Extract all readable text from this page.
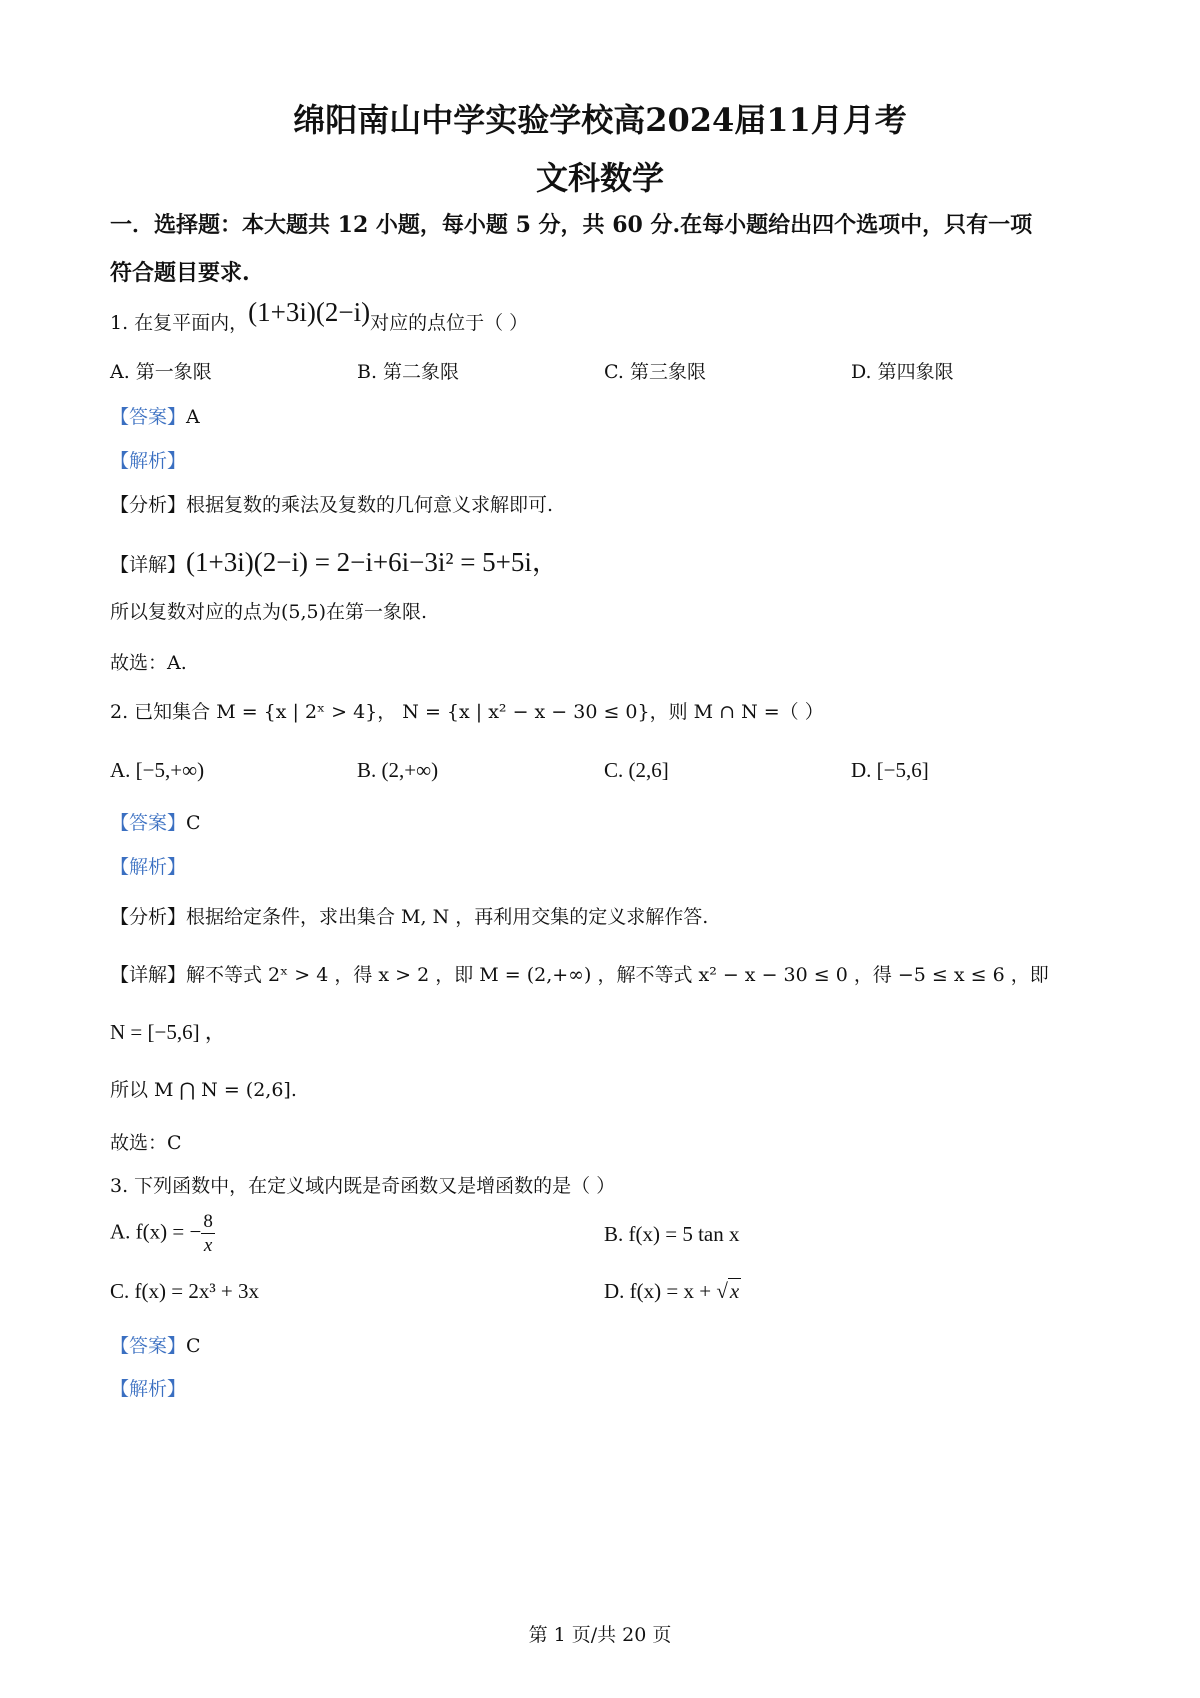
绵阳南山中学实验学校高2024届11月月考
文科数学
一．选择题：本大题共 12 小题，每小题 5 分，共 60 分.在每小题给出四个选项中，只有一项
符合题目要求.
1. 在复平面内，(1+3i)(2−i)对应的点位于（ ）
A. 第一象限	B. 第二象限	C. 第三象限	D. 第四象限
【答案】A
【解析】
【分析】根据复数的乘法及复数的几何意义求解即可.
【详解】(1+3i)(2−i) = 2−i+6i−3i² = 5+5i，
所以复数对应的点为(5,5)在第一象限.
故选：A.
2. 已知集合 M = {x | 2ˣ > 4}， N = {x | x² − x − 30 ≤ 0}，则 M ∩ N =（ ）
A. [−5,+∞)	B. (2,+∞)	C. (2,6]	D. [−5,6]
【答案】C
【解析】
【分析】根据给定条件，求出集合 M, N ，再利用交集的定义求解作答.
【详解】解不等式 2ˣ > 4 ，得 x > 2 ，即 M = (2,+∞) ，解不等式 x² − x − 30 ≤ 0 ，得 −5 ≤ x ≤ 6 ，即
N = [−5,6] ，
所以 M ⋂ N = (2,6].
故选：C
3. 下列函数中，在定义域内既是奇函数又是增函数的是（ ）
A. f(x) = − $\frac{8}{x}$	B. f(x) = 5 tan x
C. f(x) = 2x³ + 3x	D. f(x) = x + √x
【答案】C
【解析】
第 1 页/共 20 页
